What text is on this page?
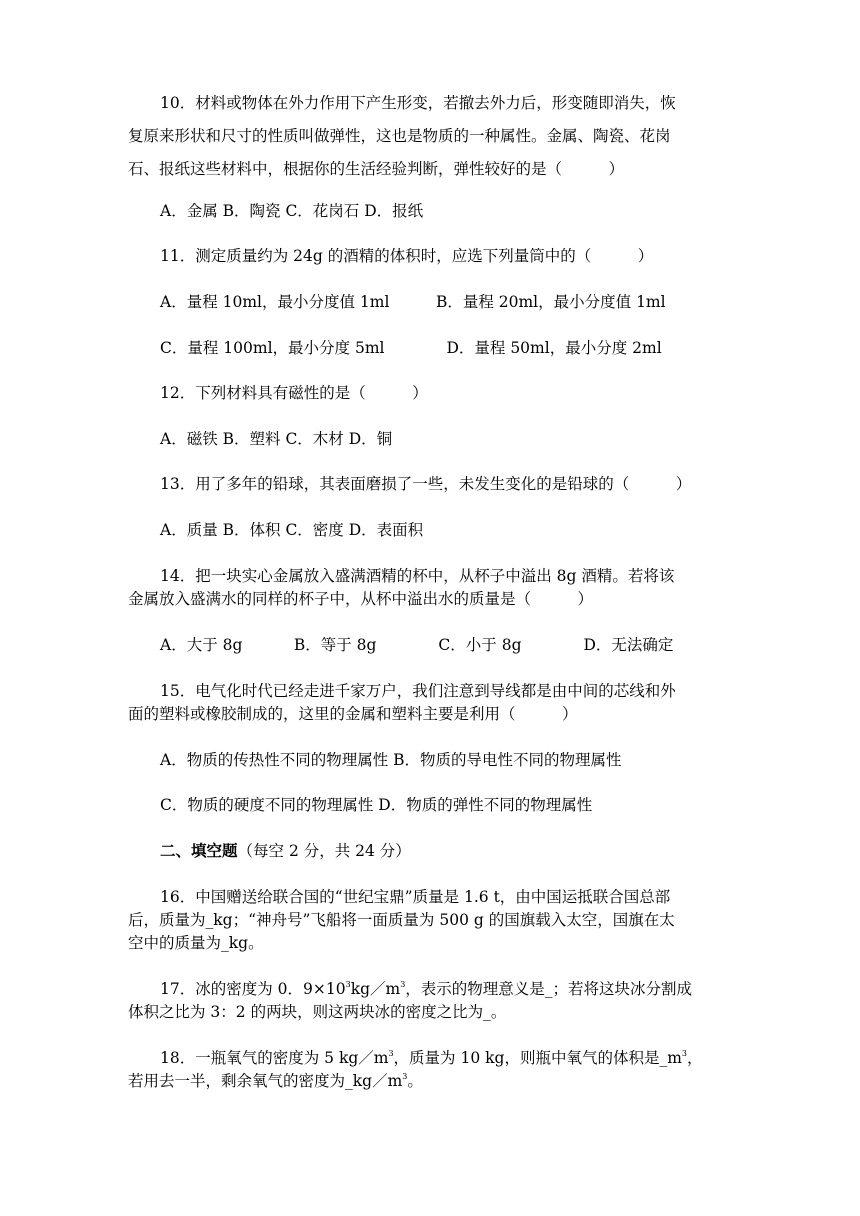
10．材料或物体在外力作用下产生形变，若撤去外力后，形变随即消失，恢
复原来形状和尺寸的性质叫做弹性，这也是物质的一种属性。金属、陶瓷、花岗
石、报纸这些材料中，根据你的生活经验判断，弹性较好的是（　　　）
A．金属 B．陶瓷 C．花岗石 D．报纸
11．测定质量约为 24g 的酒精的体积时，应选下列量筒中的（　　　）
A．量程 10ml，最小分度值 1ml　　　B．量程 20ml，最小分度值 1ml
C．量程 100ml，最小分度 5ml　　　　D．量程 50ml，最小分度 2ml
12．下列材料具有磁性的是（　　　）
A．磁铁 B．塑料 C．木材 D．铜
13．用了多年的铅球，其表面磨损了一些，未发生变化的是铅球的（　　　）
A．质量 B．体积 C．密度 D．表面积
14．把一块实心金属放入盛满酒精的杯中，从杯子中溢出 8g 酒精。若将该
金属放入盛满水的同样的杯子中，从杯中溢出水的质量是（　　　）
A．大于 8g　　　 B．等于 8g　　　　C．小于 8g　　　　D．无法确定
15．电气化时代已经走进千家万户，我们注意到导线都是由中间的芯线和外
面的塑料或橡胶制成的，这里的金属和塑料主要是利用（　　　）
A．物质的传热性不同的物理属性 B．物质的导电性不同的物理属性
C．物质的硬度不同的物理属性 D．物质的弹性不同的物理属性
二、填空题（每空 2 分，共 24 分）
16．中国赠送给联合国的“世纪宝鼎”质量是 1.6 t，由中国运抵联合国总部
后，质量为_kg；“神舟号”飞船将一面质量为 500 g 的国旗载入太空，国旗在太
空中的质量为_kg。
17．冰的密度为 0．$9\times 10^3kg/m^3$，表示的物理意义是_；若将这块冰分割成
体积之比为 3：2 的两块，则这两块冰的密度之比为_。
18．一瓶氧气的密度为 5 $kg/m^3$，质量为 10 kg，则瓶中氧气的体积是$\_m^3$，
若用去一半，剩余氧气的密度为$\_kg/m^3$。
